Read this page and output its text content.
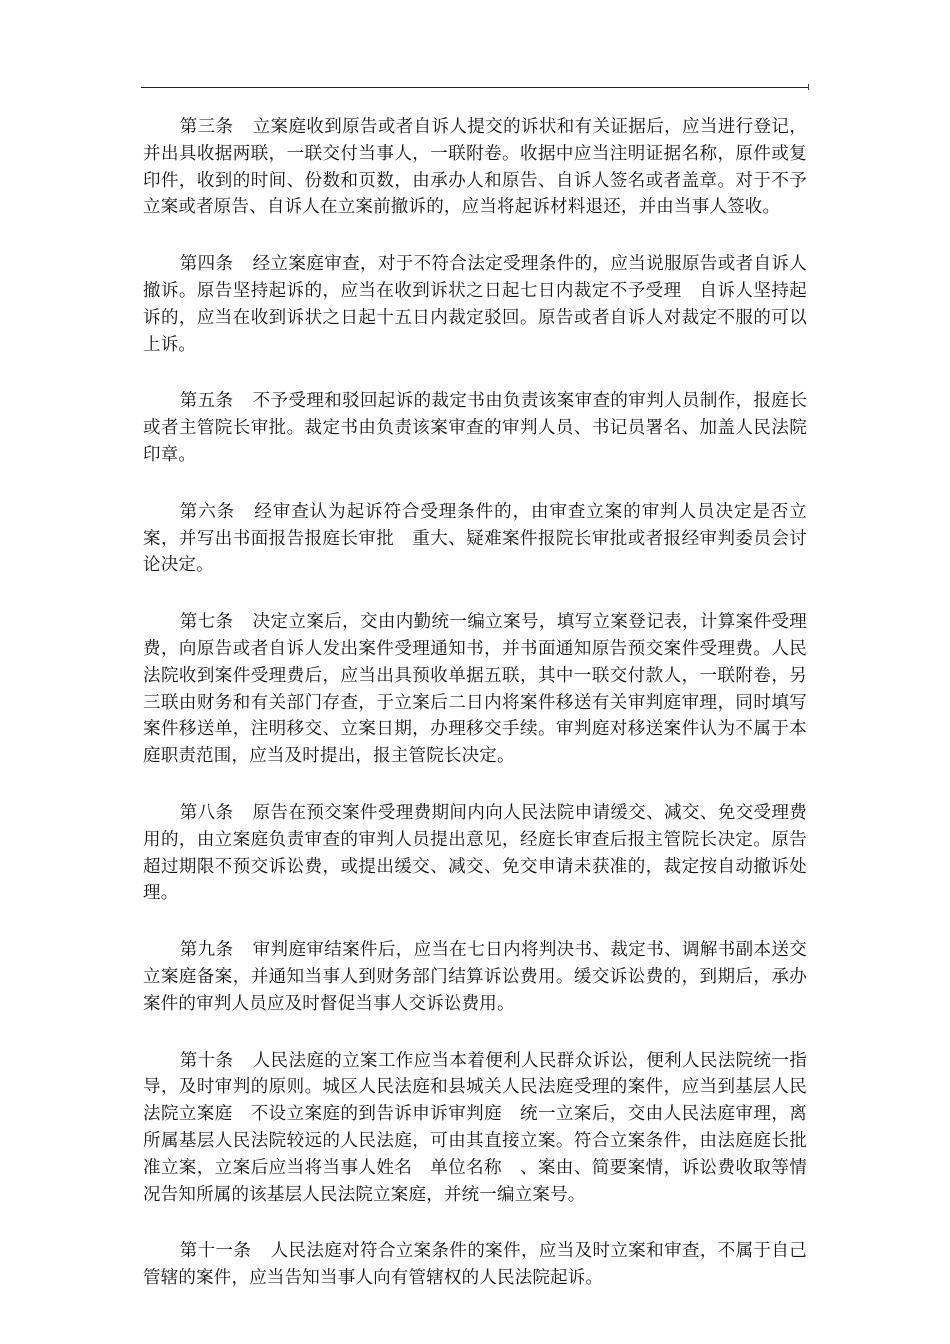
第三条 立案庭收到原告或者自诉人提交的诉状和有关证据后，应当进行登记，并出具收据两联，一联交付当事人，一联附卷。收据中应当注明证据名称，原件或复印件，收到的时间、份数和页数，由承办人和原告、自诉人签名或者盖章。对于不予立案或者原告、自诉人在立案前撤诉的，应当将起诉材料退还，并由当事人签收。

第四条 经立案庭审查，对于不符合法定受理条件的，应当说服原告或者自诉人撤诉。原告坚持起诉的，应当在收到诉状之日起七日内裁定不予受理　自诉人坚持起诉的，应当在收到诉状之日起十五日内裁定驳回。原告或者自诉人对裁定不服的可以上诉。

第五条 不予受理和驳回起诉的裁定书由负责该案审查的审判人员制作，报庭长或者主管院长审批。裁定书由负责该案审查的审判人员、书记员署名、加盖人民法院印章。

第六条 经审查认为起诉符合受理条件的，由审查立案的审判人员决定是否立案，并写出书面报告报庭长审批　重大、疑难案件报院长审批或者报经审判委员会讨论决定。

第七条 决定立案后，交由内勤统一编立案号，填写立案登记表，计算案件受理费，向原告或者自诉人发出案件受理通知书，并书面通知原告预交案件受理费。人民法院收到案件受理费后，应当出具预收单据五联，其中一联交付款人，一联附卷，另三联由财务和有关部门存查，于立案后二日内将案件移送有关审判庭审理，同时填写案件移送单，注明移交、立案日期，办理移交手续。审判庭对移送案件认为不属于本庭职责范围，应当及时提出，报主管院长决定。

第八条 原告在预交案件受理费期间内向人民法院申请缓交、减交、免交受理费用的，由立案庭负责审查的审判人员提出意见，经庭长审查后报主管院长决定。原告超过期限不预交诉讼费，或提出缓交、减交、免交申请未获准的，裁定按自动撤诉处理。

第九条 审判庭审结案件后，应当在七日内将判决书、裁定书、调解书副本送交立案庭备案，并通知当事人到财务部门结算诉讼费用。缓交诉讼费的，到期后，承办案件的审判人员应及时督促当事人交诉讼费用。

第十条 人民法庭的立案工作应当本着便利人民群众诉讼，便利人民法院统一指导，及时审判的原则。城区人民法庭和县城关人民法庭受理的案件，应当到基层人民法院立案庭　不设立案庭的到告诉申诉审判庭　统一立案后，交由人民法庭审理，离所属基层人民法院较远的人民法庭，可由其直接立案。符合立案条件，由法庭庭长批准立案，立案后应当将当事人姓名　单位名称　、案由、简要案情，诉讼费收取等情况告知所属的该基层人民法院立案庭，并统一编立案号。

第十一条 人民法庭对符合立案条件的案件，应当及时立案和审查，不属于自己管辖的案件，应当告知当事人向有管辖权的人民法院起诉。
